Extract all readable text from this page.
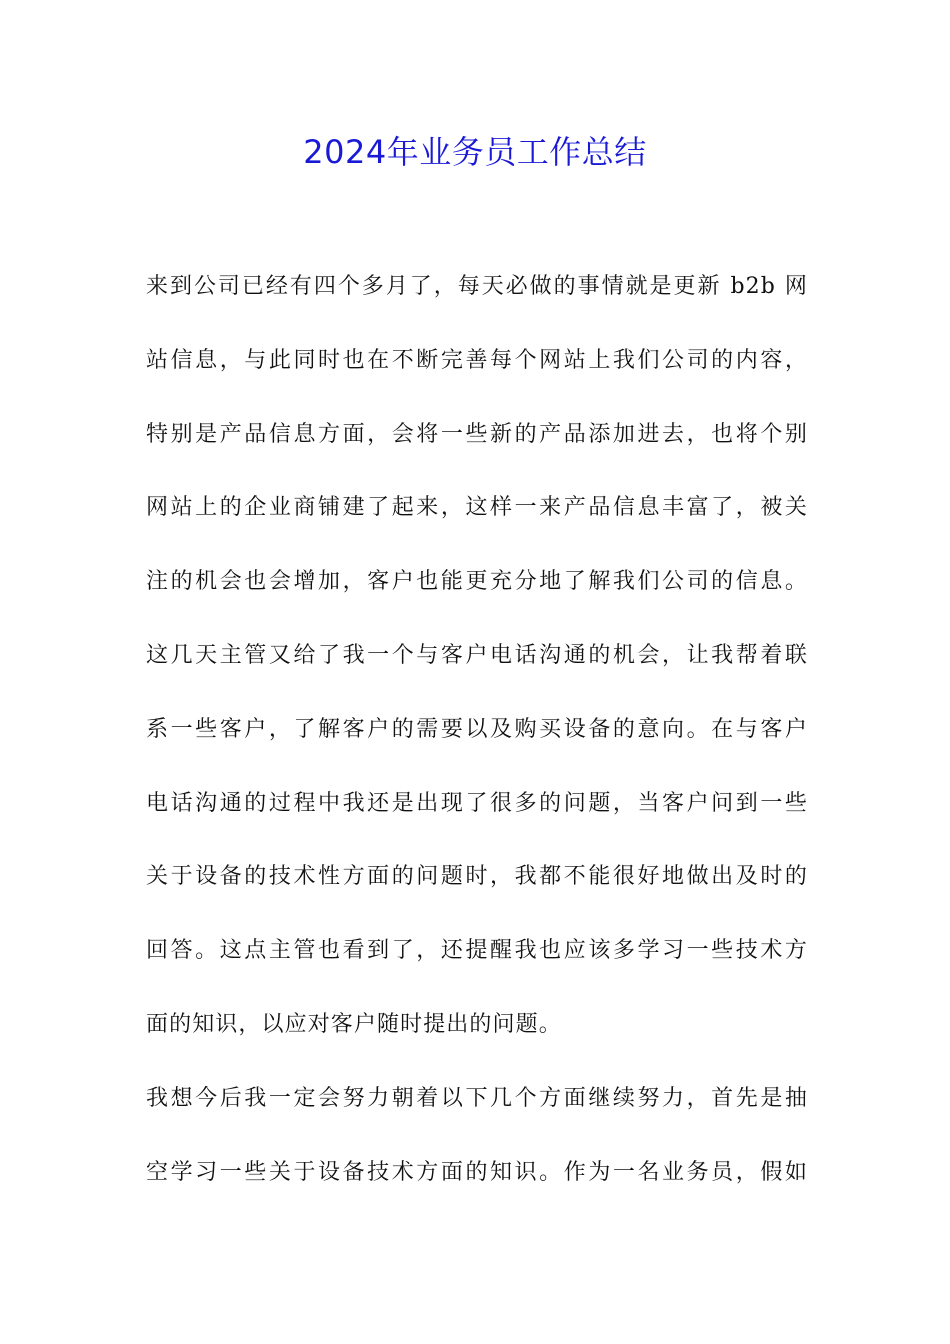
2024年业务员工作总结
来到公司已经有四个多月了，每天必做的事情就是更新 b2b 网
站信息，与此同时也在不断完善每个网站上我们公司的内容，
特别是产品信息方面，会将一些新的产品添加进去，也将个别
网站上的企业商铺建了起来，这样一来产品信息丰富了，被关
注的机会也会增加，客户也能更充分地了解我们公司的信息。
这几天主管又给了我一个与客户电话沟通的机会，让我帮着联
系一些客户，了解客户的需要以及购买设备的意向。在与客户
电话沟通的过程中我还是出现了很多的问题，当客户问到一些
关于设备的技术性方面的问题时，我都不能很好地做出及时的
回答。这点主管也看到了，还提醒我也应该多学习一些技术方
面的知识，以应对客户随时提出的问题。
我想今后我一定会努力朝着以下几个方面继续努力，首先是抽
空学习一些关于设备技术方面的知识。作为一名业务员，假如
